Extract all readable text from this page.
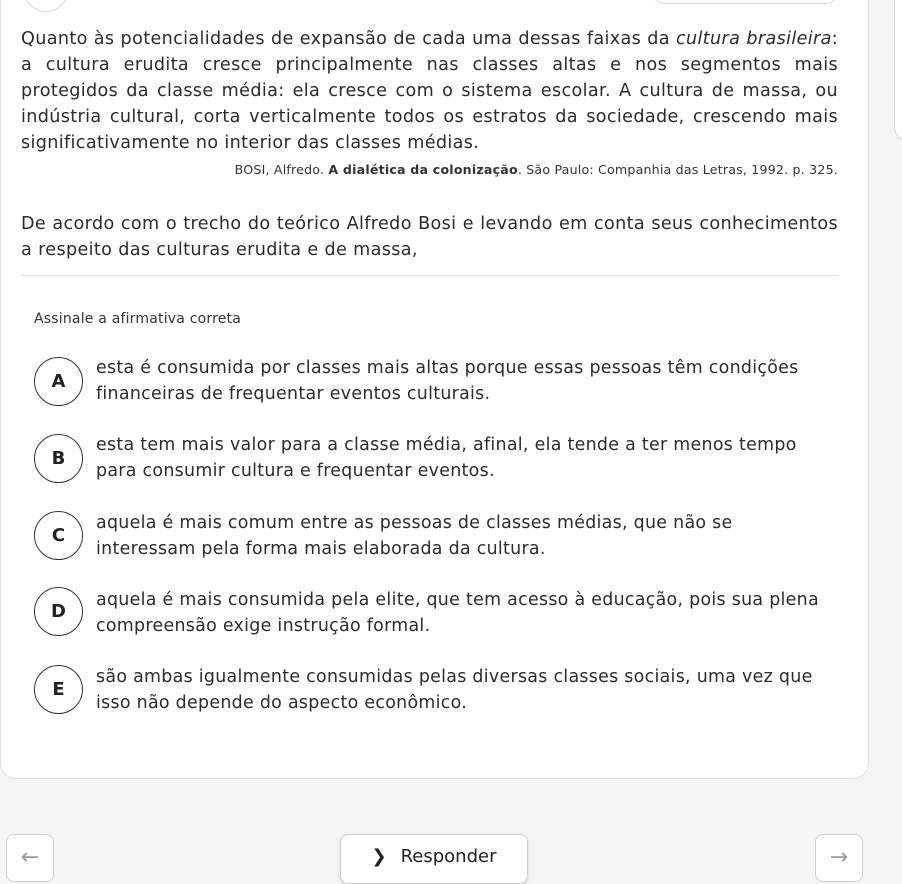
Quanto às potencialidades de expansão de cada uma dessas faixas da cultura brasileira: a cultura erudita cresce principalmente nas classes altas e nos segmentos mais protegidos da classe média: ela cresce com o sistema escolar. A cultura de massa, ou indústria cultural, corta verticalmente todos os estratos da sociedade, crescendo mais significativamente no interior das classes médias.

BOSI, Alfredo. A dialética da colonização. São Paulo: Companhia das Letras, 1992. p. 325.

De acordo com o trecho do teórico Alfredo Bosi e levando em conta seus conhecimentos a respeito das culturas erudita e de massa,

Assinale a afirmativa correta

A
esta é consumida por classes mais altas porque essas pessoas têm condições financeiras de frequentar eventos culturais.
B
esta tem mais valor para a classe média, afinal, ela tende a ter menos tempo para consumir cultura e frequentar eventos.
C
aquela é mais comum entre as pessoas de classes médias, que não se interessam pela forma mais elaborada da cultura.
D
aquela é mais consumida pela elite, que tem acesso à educação, pois sua plena compreensão exige instrução formal.
E
são ambas igualmente consumidas pelas diversas classes sociais, uma vez que isso não depende do aspecto econômico.
←	❯ Responder	→
